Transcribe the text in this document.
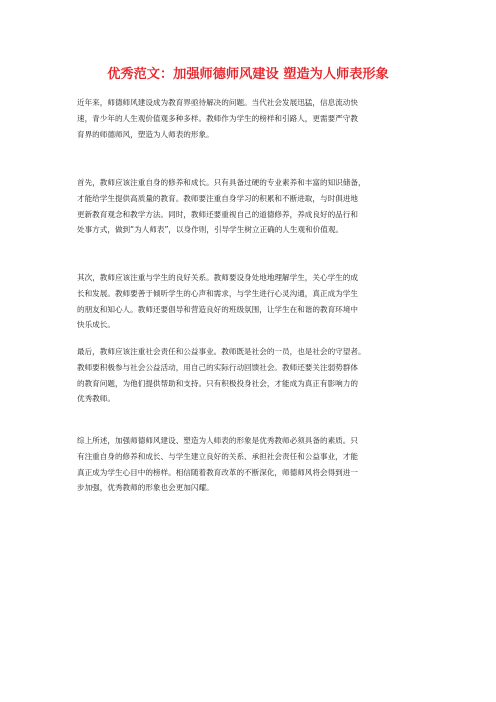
优秀范文：加强师德师风建设 塑造为人师表形象
近年来，师德师风建设成为教育界亟待解决的问题。当代社会发展迅猛，信息流动快
速，青少年的人生观价值观多种多样。教师作为学生的榜样和引路人，更需要严守教
育界的师德师风，塑造为人师表的形象。
首先，教师应该注重自身的修养和成长。只有具备过硬的专业素养和丰富的知识储备，
才能给学生提供高质量的教育。教师要注重自身学习的积累和不断进取，与时俱进地
更新教育观念和教学方法。同时，教师还要重视自己的道德修养，养成良好的品行和
处事方式，做到“为人师表”，以身作则，引导学生树立正确的人生观和价值观。
其次，教师应该注重与学生的良好关系。教师要设身处地地理解学生，关心学生的成
长和发展。教师要善于倾听学生的心声和需求，与学生进行心灵沟通，真正成为学生
的朋友和知心人。教师还要倡导和营造良好的班级氛围，让学生在和谐的教育环境中
快乐成长。
最后，教师应该注重社会责任和公益事业。教师既是社会的一员，也是社会的守望者。
教师要积极参与社会公益活动，用自己的实际行动回馈社会。教师还要关注弱势群体
的教育问题，为他们提供帮助和支持。只有积极投身社会，才能成为真正有影响力的
优秀教师。
综上所述，加强师德师风建设、塑造为人师表的形象是优秀教师必须具备的素质。只
有注重自身的修养和成长、与学生建立良好的关系、承担社会责任和公益事业，才能
真正成为学生心目中的榜样。相信随着教育改革的不断深化，师德师风将会得到进一
步加强，优秀教师的形象也会更加闪耀。
